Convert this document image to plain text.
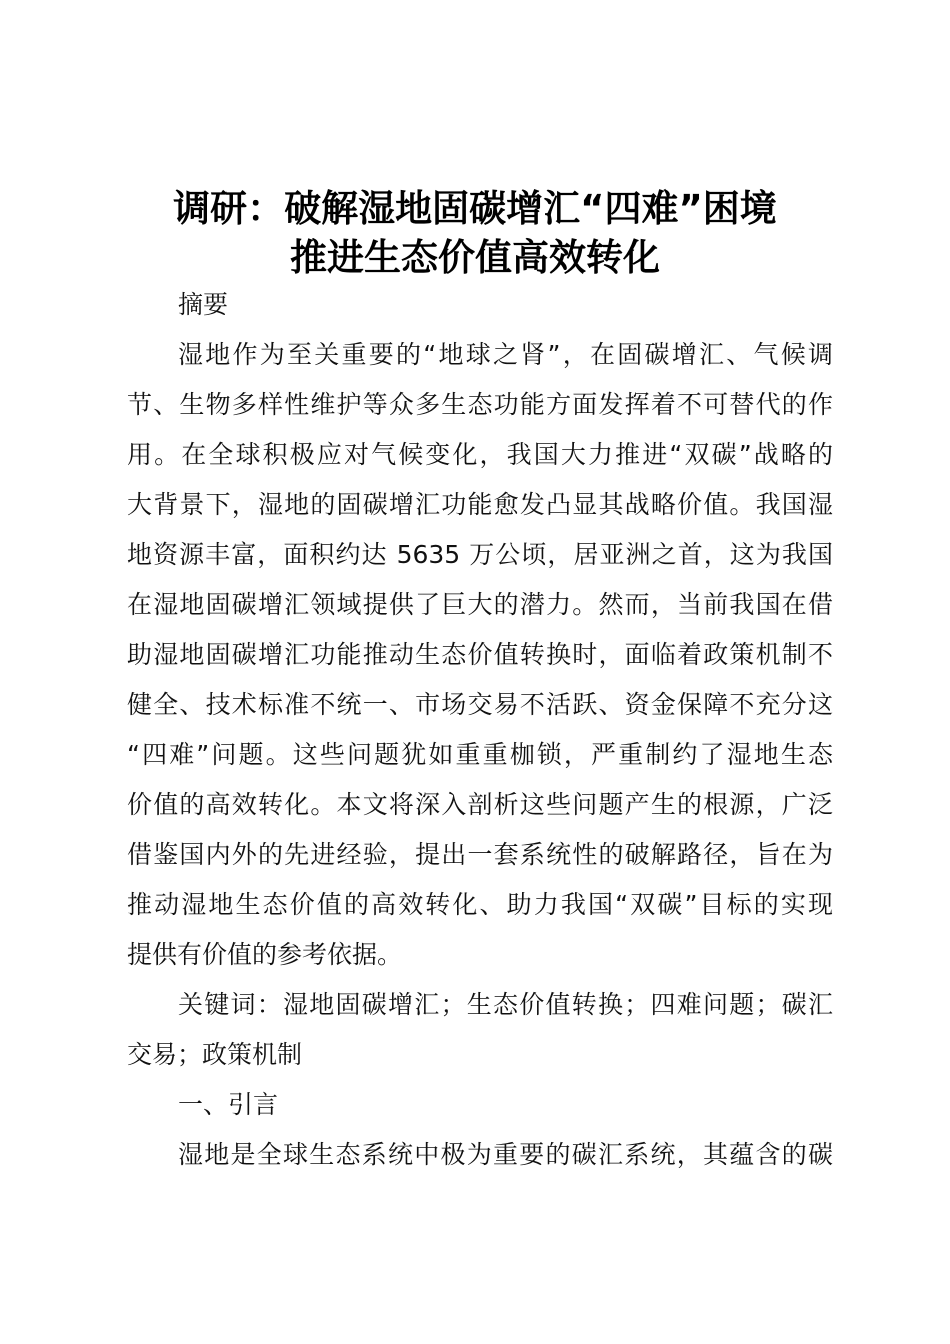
调研：破解湿地固碳增汇“四难”困境
推进生态价值高效转化
摘要
湿地作为至关重要的“地球之肾”，在固碳增汇、气候调
节、生物多样性维护等众多生态功能方面发挥着不可替代的作
用。在全球积极应对气候变化，我国大力推进“双碳”战略的
大背景下，湿地的固碳增汇功能愈发凸显其战略价值。我国湿
地资源丰富，面积约达 5635 万公顷，居亚洲之首，这为我国
在湿地固碳增汇领域提供了巨大的潜力。然而，当前我国在借
助湿地固碳增汇功能推动生态价值转换时，面临着政策机制不
健全、技术标准不统一、市场交易不活跃、资金保障不充分这
“四难”问题。这些问题犹如重重枷锁，严重制约了湿地生态
价值的高效转化。本文将深入剖析这些问题产生的根源，广泛
借鉴国内外的先进经验，提出一套系统性的破解路径，旨在为
推动湿地生态价值的高效转化、助力我国“双碳”目标的实现
提供有价值的参考依据。
关键词：湿地固碳增汇；生态价值转换；四难问题；碳汇
交易；政策机制
一、引言
湿地是全球生态系统中极为重要的碳汇系统，其蕴含的碳
